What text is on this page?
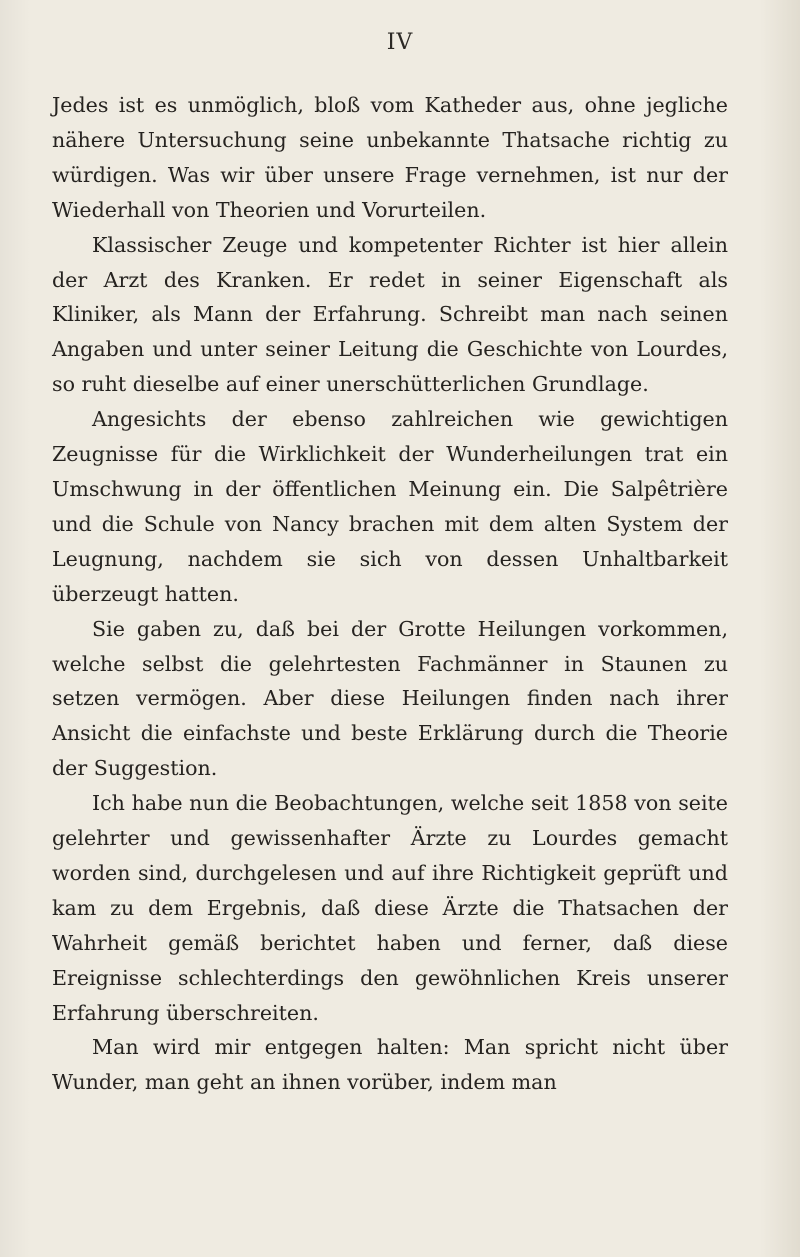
IV

Jedes ist es unmöglich, bloß vom Katheder aus, ohne jegliche nähere Untersuchung seine unbekannte Thatsache richtig zu würdigen. Was wir über unsere Frage vernehmen, ist nur der Wiederhall von Theorien und Vorurteilen.

Klassischer Zeuge und kompetenter Richter ist hier allein der Arzt des Kranken. Er redet in seiner Eigenschaft als Kliniker, als Mann der Erfahrung. Schreibt man nach seinen Angaben und unter seiner Leitung die Geschichte von Lourdes, so ruht dieselbe auf einer unerschütterlichen Grundlage.

Angesichts der ebenso zahlreichen wie gewichtigen Zeugnisse für die Wirklichkeit der Wunderheilungen trat ein Umschwung in der öffentlichen Meinung ein. Die Salpêtrière und die Schule von Nancy brachen mit dem alten System der Leugnung, nachdem sie sich von dessen Unhaltbarkeit überzeugt hatten.

Sie gaben zu, daß bei der Grotte Heilungen vorkommen, welche selbst die gelehrtesten Fachmänner in Staunen zu setzen vermögen. Aber diese Heilungen finden nach ihrer Ansicht die einfachste und beste Erklärung durch die Theorie der Suggestion.

Ich habe nun die Beobachtungen, welche seit 1858 von seite gelehrter und gewissenhafter Ärzte zu Lourdes gemacht worden sind, durchgelesen und auf ihre Richtigkeit geprüft und kam zu dem Ergebnis, daß diese Ärzte die Thatsachen der Wahrheit gemäß berichtet haben und ferner, daß diese Ereignisse schlechterdings den gewöhnlichen Kreis unserer Erfahrung überschreiten.

Man wird mir entgegen halten: Man spricht nicht über Wunder, man geht an ihnen vorüber, indem man
